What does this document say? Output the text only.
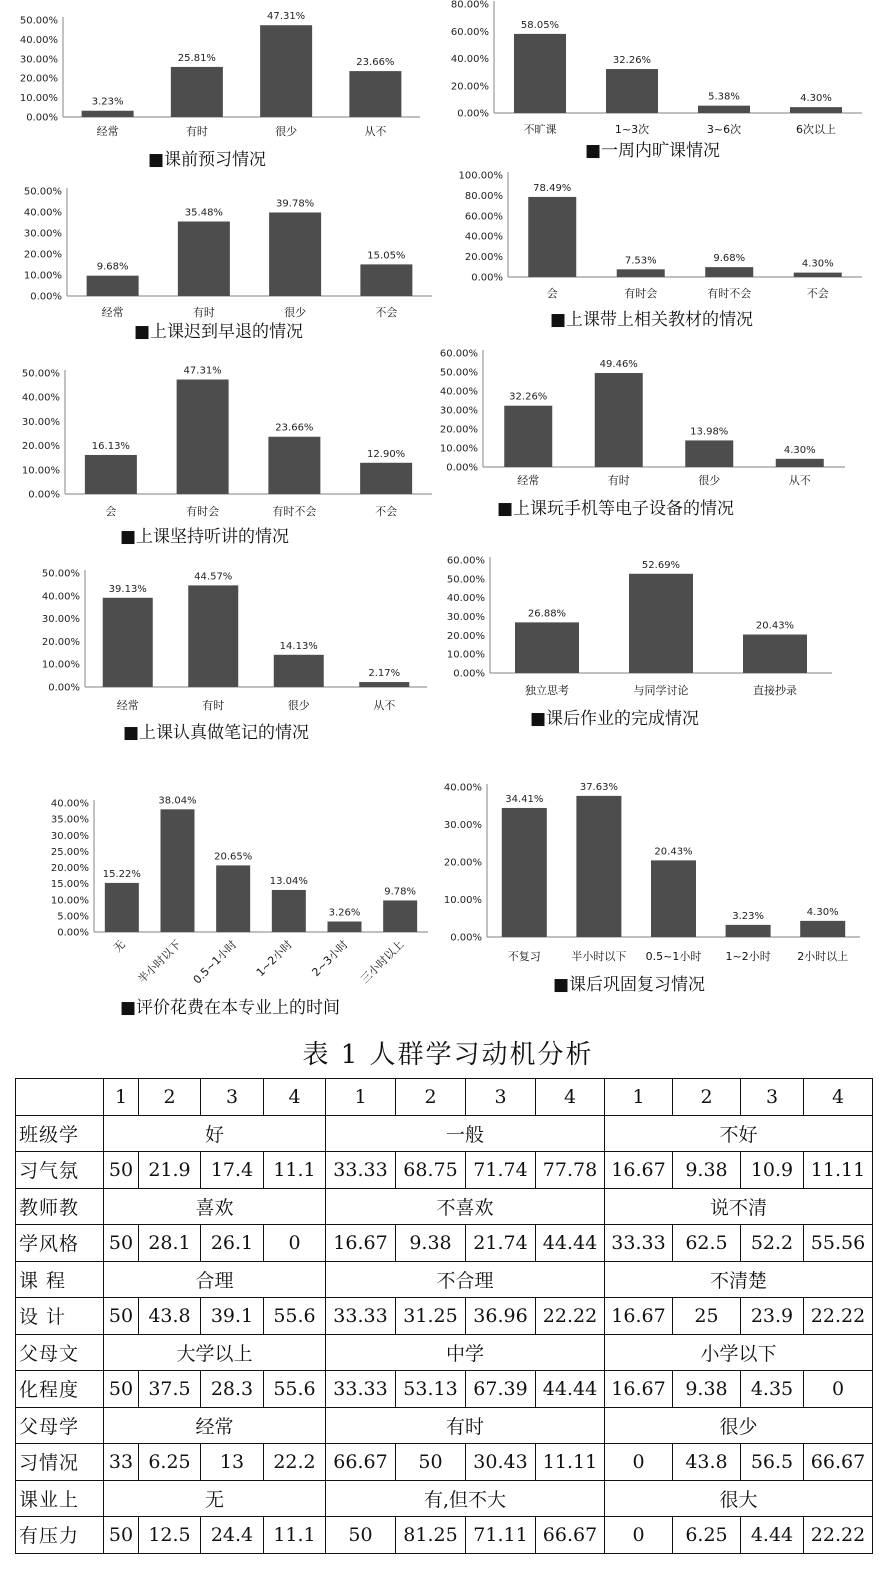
0.00%
10.00%
20.00%
30.00%
40.00%
50.00%
3.23%
经常
25.81%
有时
47.31%
很少
23.66%
从不
■课前预习情况
0.00%
20.00%
40.00%
60.00%
80.00%
58.05%
不旷课
32.26%
1~3次
5.38%
3~6次
4.30%
6次以上
■一周内旷课情况
0.00%
10.00%
20.00%
30.00%
40.00%
50.00%
9.68%
经常
35.48%
有时
39.78%
很少
15.05%
不会
■上课迟到早退的情况
0.00%
20.00%
40.00%
60.00%
80.00%
100.00%
78.49%
会
7.53%
有时会
9.68%
有时不会
4.30%
不会
■上课带上相关教材的情况
0.00%
10.00%
20.00%
30.00%
40.00%
50.00%
16.13%
会
47.31%
有时会
23.66%
有时不会
12.90%
不会
■上课坚持听讲的情况
0.00%
10.00%
20.00%
30.00%
40.00%
50.00%
60.00%
32.26%
经常
49.46%
有时
13.98%
很少
4.30%
从不
■上课玩手机等电子设备的情况
0.00%
10.00%
20.00%
30.00%
40.00%
50.00%
39.13%
经常
44.57%
有时
14.13%
很少
2.17%
从不
■上课认真做笔记的情况
0.00%
10.00%
20.00%
30.00%
40.00%
50.00%
60.00%
26.88%
独立思考
52.69%
与同学讨论
20.43%
直接抄录
■课后作业的完成情况
0.00%
5.00%
10.00%
15.00%
20.00%
25.00%
30.00%
35.00%
40.00%
15.22%
无
38.04%
半小时以下
20.65%
0.5~1小时
13.04%
1~2小时
3.26%
2~3小时
9.78%
三小时以上
■评价花费在本专业上的时间
0.00%
10.00%
20.00%
30.00%
40.00%
34.41%
不复习
37.63%
半小时以下
20.43%
0.5~1小时
3.23%
1~2小时
4.30%
2小时以上
■课后巩固复习情况
表 1 人群学习动机分析
	1	2	3	4	1	2	3	4	1	2	3	4
班级学	好				一般				不好			
习气氛	50	21.9	17.4	11.1	33.33	68.75	71.74	77.78	16.67	9.38	10.9	11.11
教师教	喜欢				不喜欢				说不清			
学风格	50	28.1	26.1	0	16.67	9.38	21.74	44.44	33.33	62.5	52.2	55.56
课 程	合理				不合理				不清楚			
设 计	50	43.8	39.1	55.6	33.33	31.25	36.96	22.22	16.67	25	23.9	22.22
父母文	大学以上				中学				小学以下			
化程度	50	37.5	28.3	55.6	33.33	53.13	67.39	44.44	16.67	9.38	4.35	0
父母学	经常				有时				很少			
习情况	33	6.25	13	22.2	66.67	50	30.43	11.11	0	43.8	56.5	66.67
课业上	无				有,但不大				很大			
有压力	50	12.5	24.4	11.1	50	81.25	71.11	66.67	0	6.25	4.44	22.22
